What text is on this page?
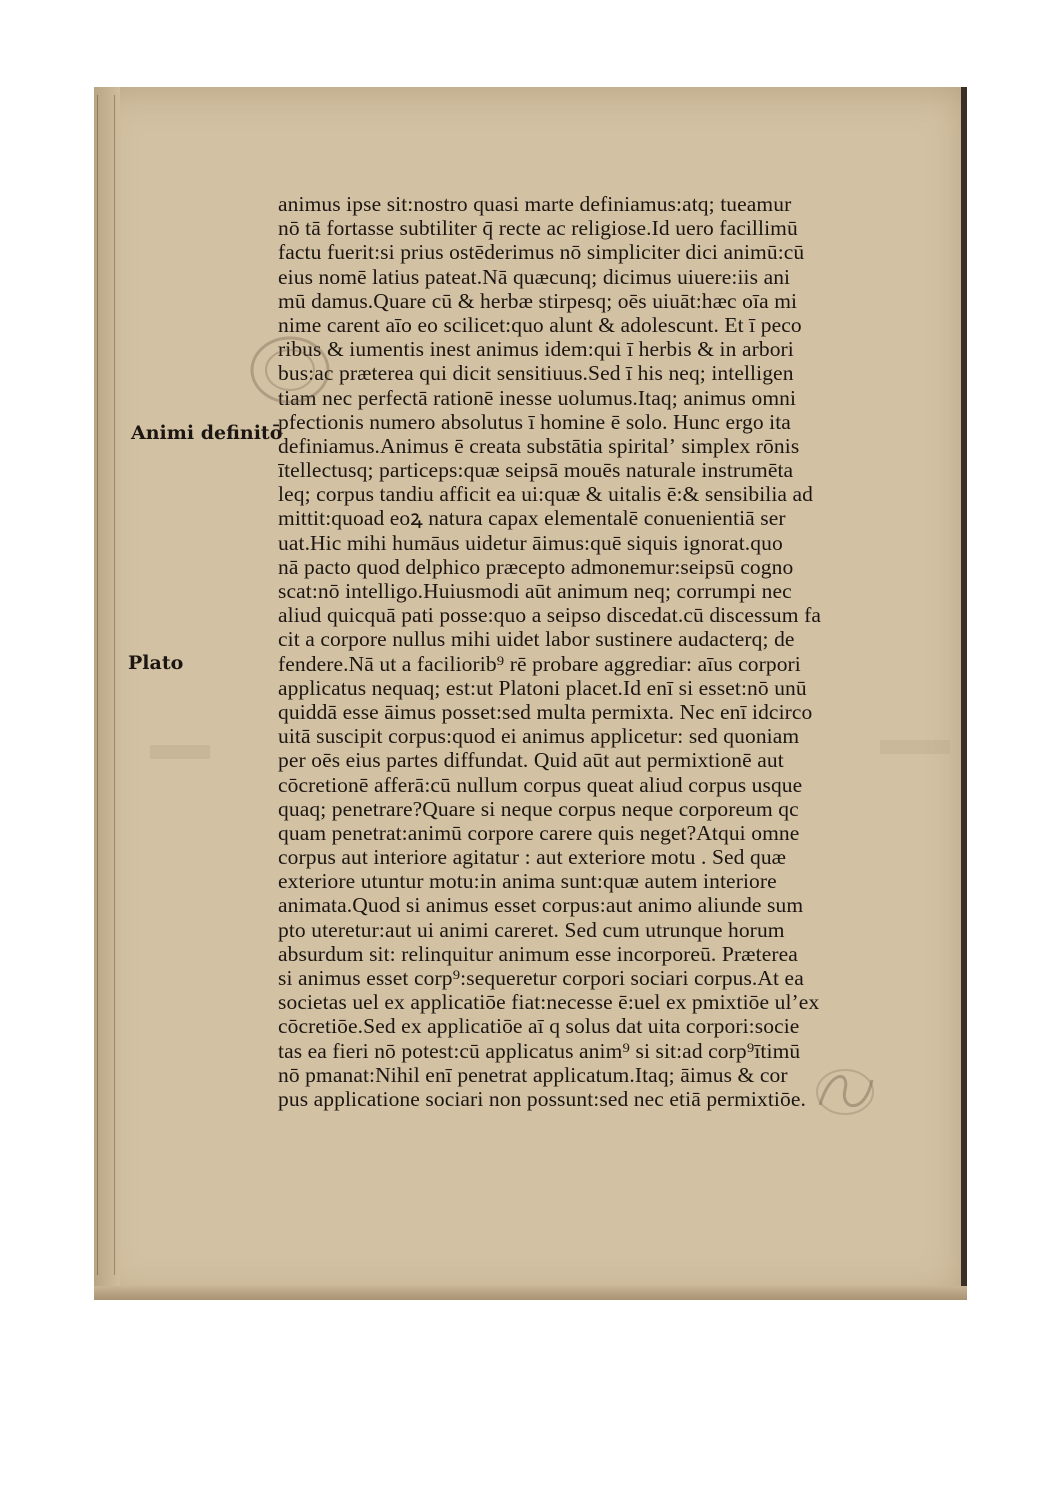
Animi definitō
Plato
animus ipse sit:nostro quasi marte definiamus:atq; tueamur
nō tā fortasse subtiliter q̄ recte ac religiose.Id uero facillimū
factu fuerit:si prius ostēderimus nō simpliciter dici animū:cū
eius nomē latius pateat.Nā quæcunq; dicimus uiuere:iis ani
mū damus.Quare cū & herbæ stirpesq; oēs uiuāt:hæc oīa mi
nime carent aīo eo scilicet:quo alunt & adolescunt. Et ī peco
ribus & iumentis inest animus idem:qui ī herbis & in arbori
bus:ac præterea qui dicit sensitiuus.Sed ī his neq; intelligen
tiam nec perfectā rationē inesse uolumus.Itaq; animus omni
pfectionis numero absolutus ī homine ē solo. Hunc ergo ita
definiamus.Animus ē creata substātia spiritalʼ simplex rōnis
ītellectusq; particeps:quæ seipsā mouēs naturale instrumēta
leq; corpus tandiu afficit ea ui:quæ & uitalis ē:& sensibilia ad
mittit:quoad eoꝝ natura capax elementalē conuenientiā ser
uat.Hic mihi humāus uidetur āimus:quē siquis ignorat.quo
nā pacto quod delphico præcepto admonemur:seipsū cogno
scat:nō intelligo.Huiusmodi aūt animum neq; corrumpi nec
aliud quicquā pati posse:quo a seipso discedat.cū discessum fa
cit a corpore nullus mihi uidet labor sustinere audacterq; de
fendere.Nā ut a faciliorib⁹ rē probare aggrediar: aīus corpori
applicatus nequaq; est:ut Platoni placet.Id enī si esset:nō unū
quiddā esse āimus posset:sed multa permixta. Nec enī idcirco
uitā suscipit corpus:quod ei animus applicetur: sed quoniam
per oēs eius partes diffundat. Quid aūt aut permixtionē aut
cōcretionē afferā:cū nullum corpus queat aliud corpus usque
quaq; penetrare?Quare si neque corpus neque corporeum qc
quam penetrat:animū corpore carere quis neget?Atqui omne
corpus aut interiore agitatur : aut exteriore motu . Sed quæ
exteriore utuntur motu:in anima sunt:quæ autem interiore
animata.Quod si animus esset corpus:aut animo aliunde sum
pto uteretur:aut ui animi careret. Sed cum utrunque horum
absurdum sit: relinquitur animum esse incorporeū. Præterea
si animus esset corp⁹:sequeretur corpori sociari corpus.At ea
societas uel ex applicatiōe fiat:necesse ē:uel ex pmixtiōe ulʼex
cōcretiōe.Sed ex applicatiōe aī q solus dat uita corpori:socie
tas ea fieri nō potest:cū applicatus anim⁹ si sit:ad corp⁹ītimū
nō pmanat:Nihil enī penetrat applicatum.Itaq; āimus & cor
pus applicatione sociari non possunt:sed nec etiā permixtiōe.
